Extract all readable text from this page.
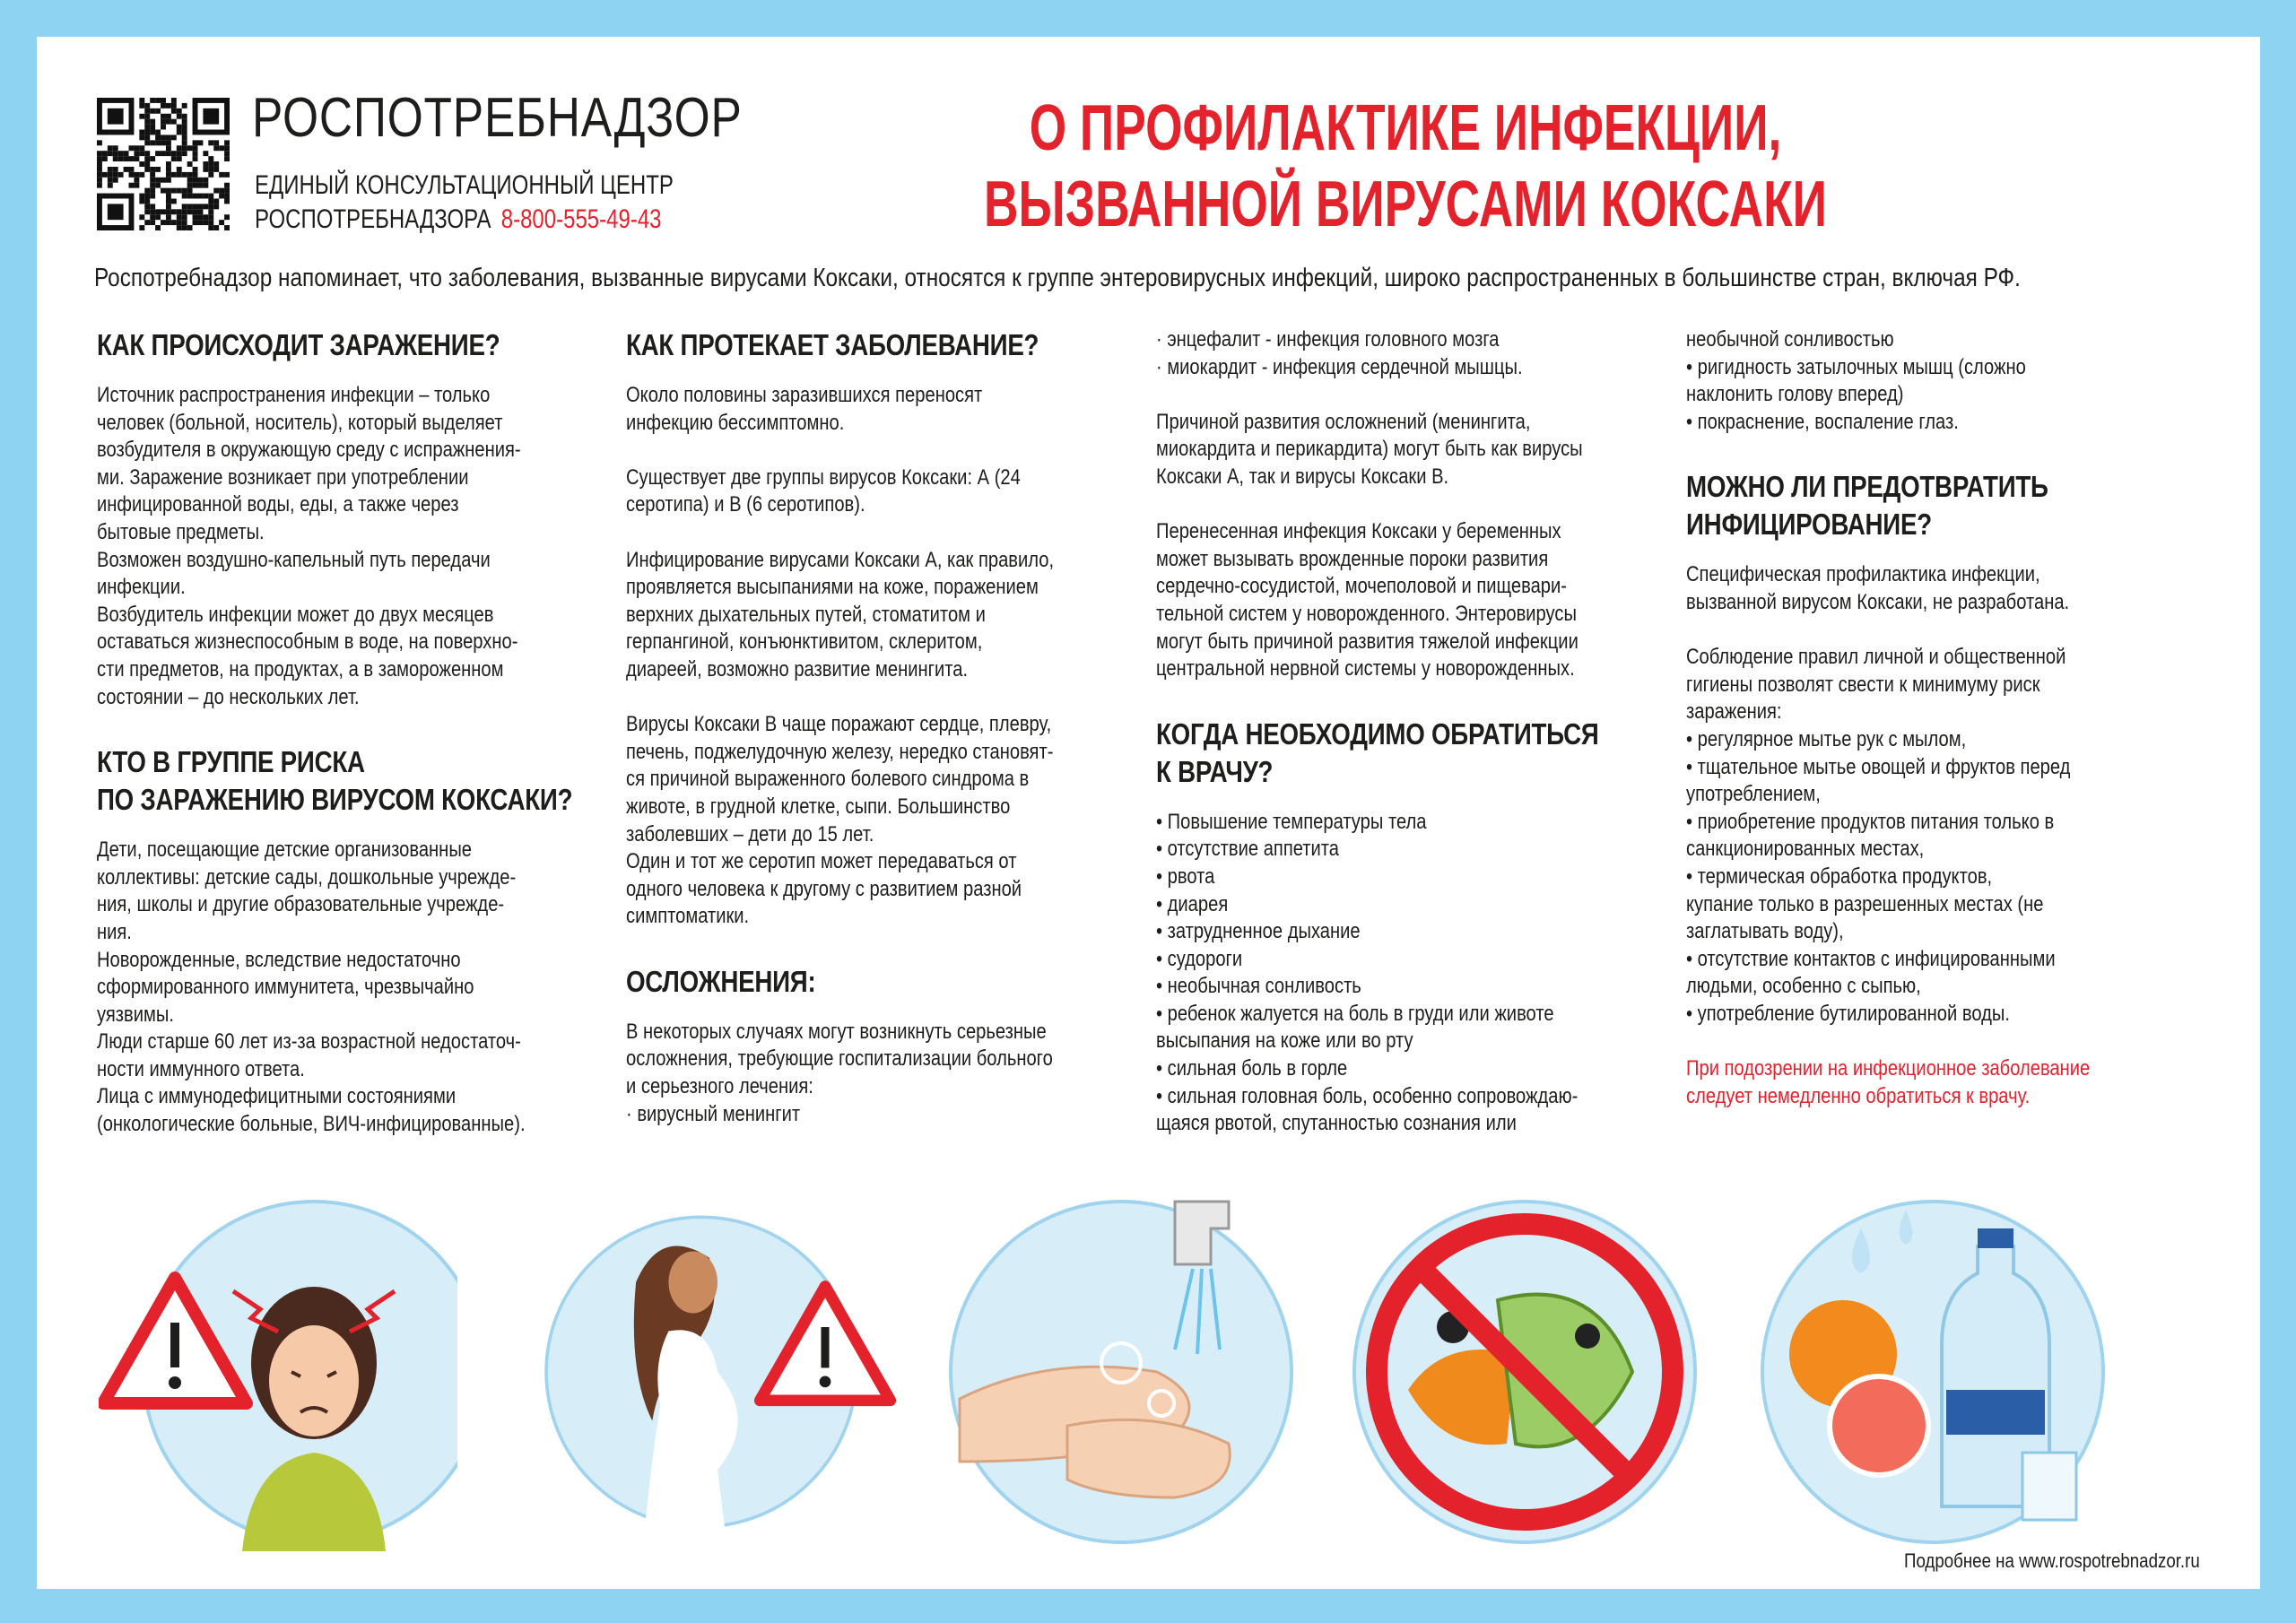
РОСПОТРЕБНАДЗОР
ЕДИНЫЙ КОНСУЛЬТАЦИОННЫЙ ЦЕНТР
РОСПОТРЕБНАДЗОРА 8-800-555-49-43
О ПРОФИЛАКТИКЕ ИНФЕКЦИИ,
ВЫЗВАННОЙ ВИРУСАМИ КОКСАКИ
Роспотребнадзор напоминает, что заболевания, вызванные вирусами Коксаки, относятся к группе энтеровирусных инфекций, широко распространенных в большинстве стран, включая РФ.
КАК ПРОИСХОДИТ ЗАРАЖЕНИЕ?

Источник распространения инфекции – только
человек (больной, носитель), который выделяет
возбудителя в окружающую среду с испражнения-
ми. Заражение возникает при употреблении
инфицированной воды, еды, а также через
бытовые предметы.
Возможен воздушно-капельный путь передачи
инфекции.
Возбудитель инфекции может до двух месяцев
оставаться жизнеспособным в воде, на поверхно-
сти предметов, на продуктах, а в замороженном
состоянии – до нескольких лет.

КТО В ГРУППЕ РИСКА
ПО ЗАРАЖЕНИЮ ВИРУСОМ КОКСАКИ?

Дети, посещающие детские организованные
коллективы: детские сады, дошкольные учрежде-
ния, школы и другие образовательные учрежде-
ния.
Новорожденные, вследствие недостаточно
сформированного иммунитета, чрезвычайно
уязвимы.
Люди старше 60 лет из-за возрастной недостаточ-
ности иммунного ответа.
Лица с иммунодефицитными состояниями
(онкологические больные, ВИЧ-инфицированные).

КАК ПРОТЕКАЕТ ЗАБОЛЕВАНИЕ?

Около половины заразившихся переносят
инфекцию бессимптомно.

Существует две группы вирусов Коксаки: А (24
серотипа) и В (6 серотипов).

Инфицирование вирусами Коксаки А, как правило,
проявляется высыпаниями на коже, поражением
верхних дыхательных путей, стоматитом и
герпангиной, конъюнктивитом, склеритом,
диареей, возможно развитие менингита.

Вирусы Коксаки В чаще поражают сердце, плевру,
печень, поджелудочную железу, нередко становят-
ся причиной выраженного болевого синдрома в
животе, в грудной клетке, сыпи. Большинство
заболевших – дети до 15 лет.
Один и тот же серотип может передаваться от
одного человека к другому с развитием разной
симптоматики.

ОСЛОЖНЕНИЯ:

В некоторых случаях могут возникнуть серьезные
осложнения, требующие госпитализации больного
и серьезного лечения:
· вирусный менингит

· энцефалит - инфекция головного мозга
· миокардит - инфекция сердечной мышцы.

Причиной развития осложнений (менингита,
миокардита и перикардита) могут быть как вирусы
Коксаки А, так и вирусы Коксаки В.

Перенесенная инфекция Коксаки у беременных
может вызывать врожденные пороки развития
сердечно-сосудистой, мочеполовой и пищевари-
тельной систем у новорожденного. Энтеровирусы
могут быть причиной развития тяжелой инфекции
центральной нервной системы у новорожденных.

КОГДА НЕОБХОДИМО ОБРАТИТЬСЯ
К ВРАЧУ?

• Повышение температуры тела
• отсутствие аппетита
• рвота
• диарея
• затрудненное дыхание
• судороги
• необычная сонливость
• ребенок жалуется на боль в груди или животе
высыпания на коже или во рту
• сильная боль в горле
• сильная головная боль, особенно сопровождаю-
щаяся рвотой, спутанностью сознания или

необычной сонливостью
• ригидность затылочных мышц (сложно
наклонить голову вперед)
• покраснение, воспаление глаз.

МОЖНО ЛИ ПРЕДОТВРАТИТЬ
ИНФИЦИРОВАНИЕ?

Специфическая профилактика инфекции,
вызванной вирусом Коксаки, не разработана.

Соблюдение правил личной и общественной
гигиены позволят свести к минимуму риск
заражения:
• регулярное мытье рук с мылом,
• тщательное мытье овощей и фруктов перед
употреблением,
• приобретение продуктов питания только в
санкционированных местах,
• термическая обработка продуктов,
купание только в разрешенных местах (не
заглатывать воду),
• отсутствие контактов с инфицированными
людьми, особенно с сыпью,
• употребление бутилированной воды.

При подозрении на инфекционное заболевание
следует немедленно обратиться к врачу.

Подробнее на www.rospotrebnadzor.ru
